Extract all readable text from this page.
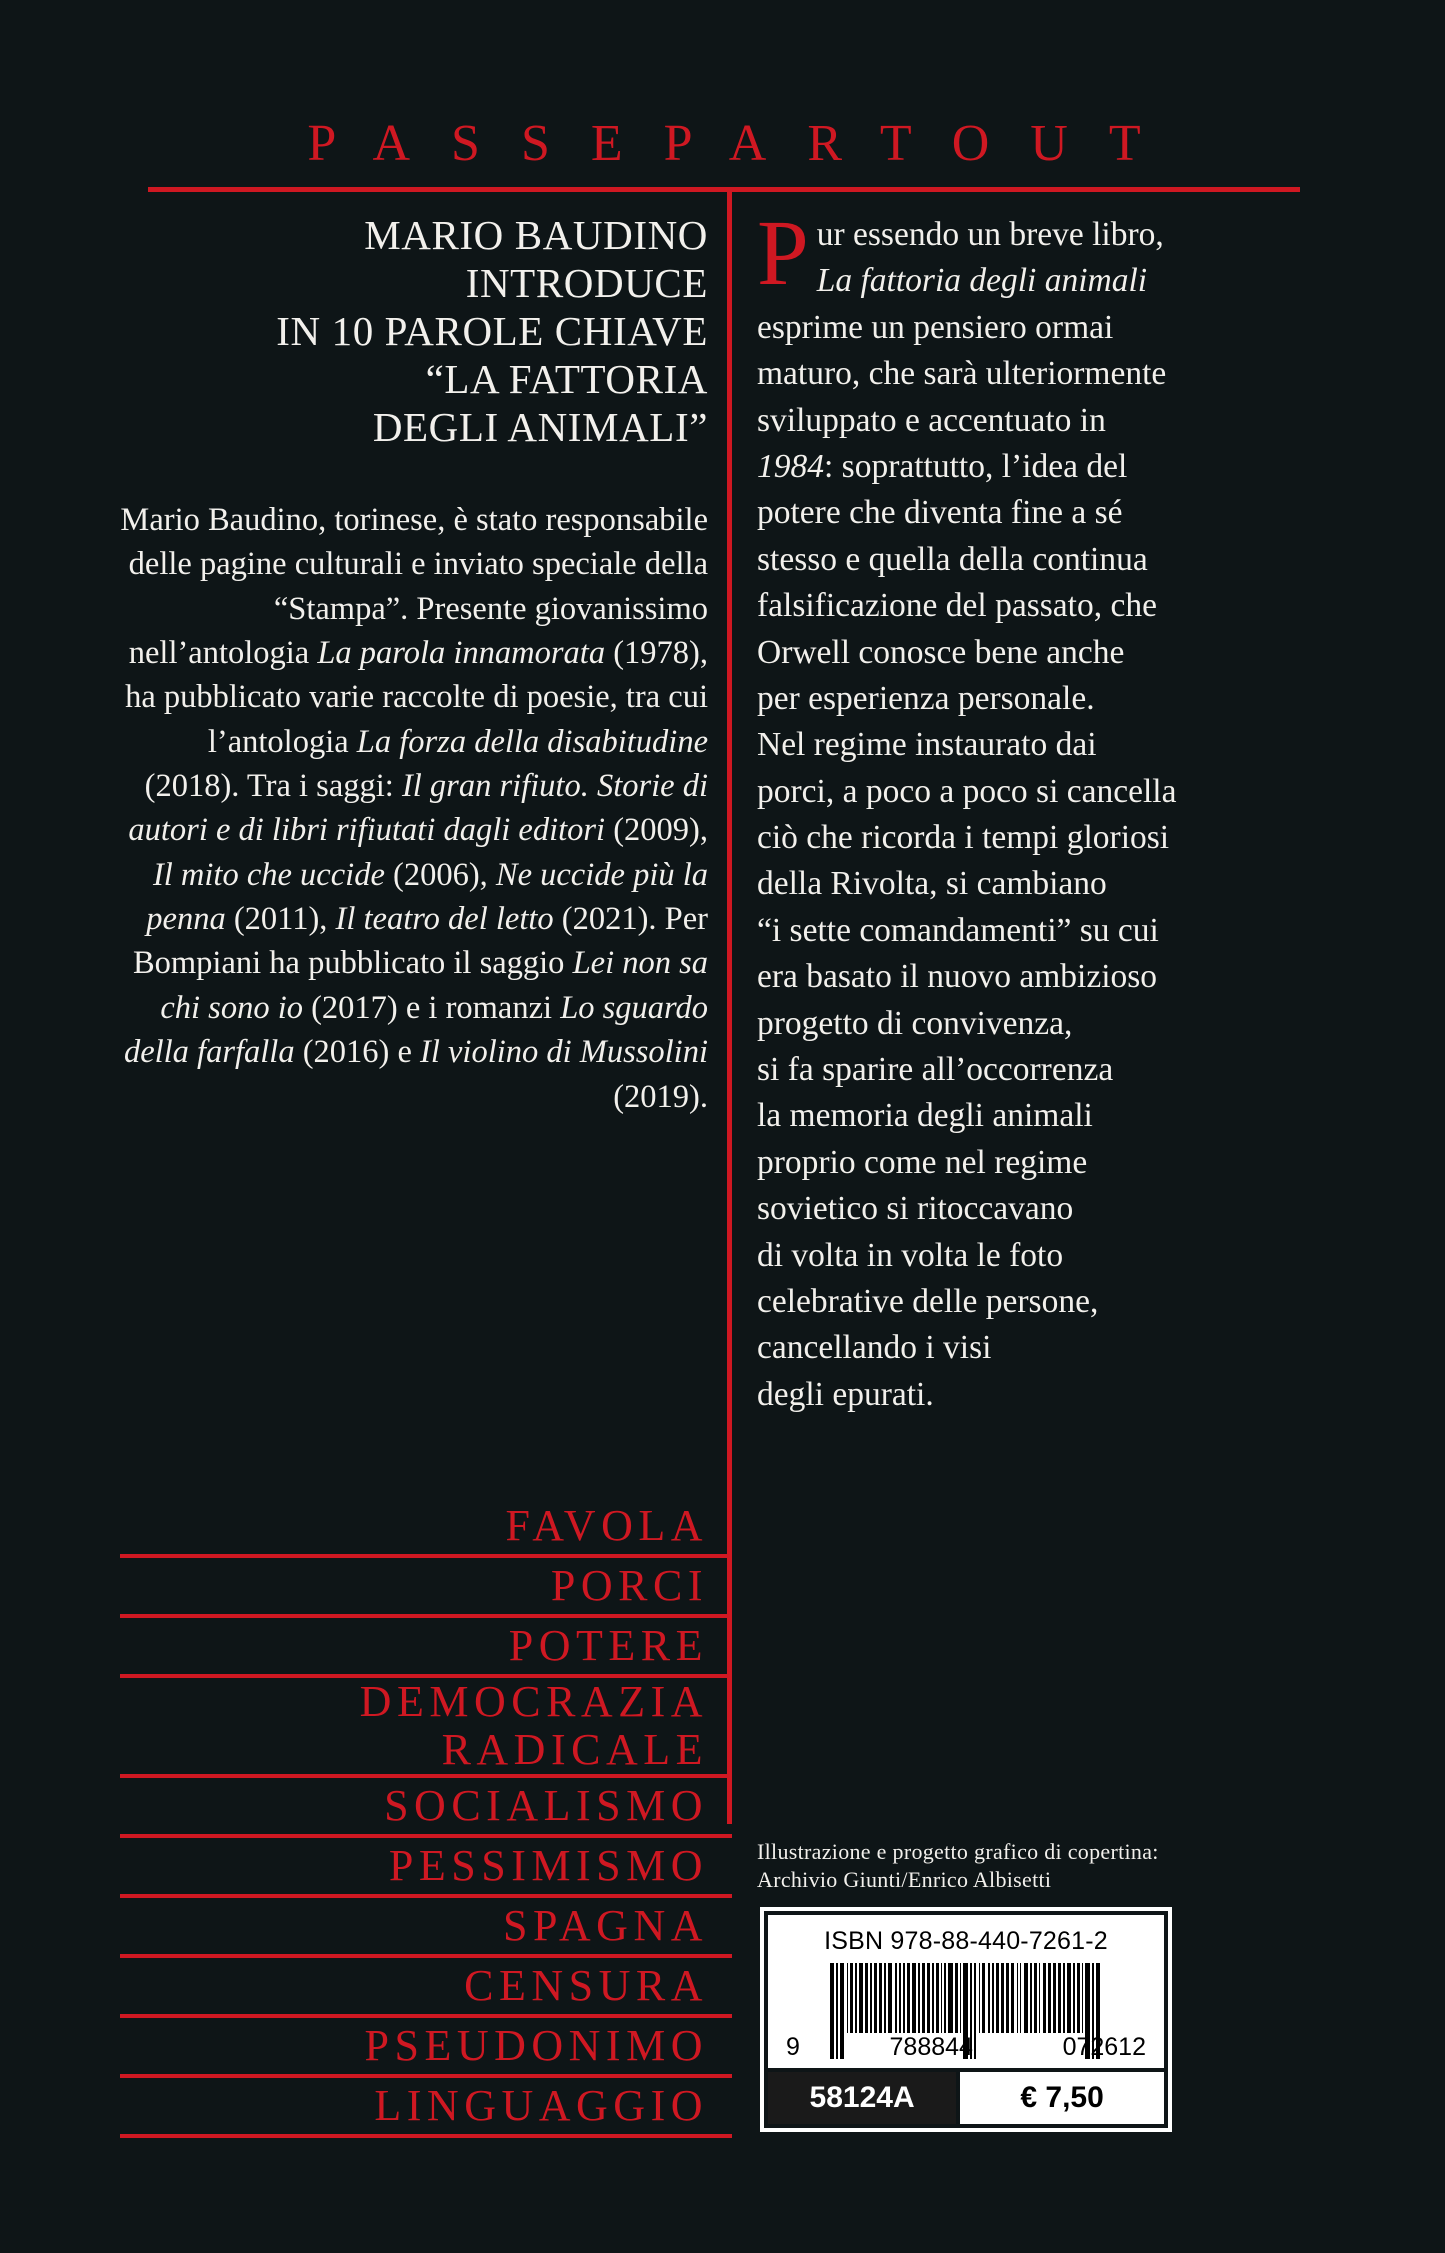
PASSEPARTOUT
MARIO BAUDINO
INTRODUCE
IN 10 PAROLE CHIAVE
“LA FATTORIA
DEGLI ANIMALI”
Mario Baudino, torinese, è stato responsabile delle pagine culturali e inviato speciale della “Stampa”. Presente giovanissimo nell’antologia La parola innamorata (1978), ha pubblicato varie raccolte di poesie, tra cui l’antologia La forza della disabitudine (2018). Tra i saggi: Il gran rifiuto. Storie di autori e di libri rifiutati dagli editori (2009), Il mito che uccide (2006), Ne uccide più la penna (2011), Il teatro del letto (2021). Per Bompiani ha pubblicato il saggio Lei non sa chi sono io (2017) e i romanzi Lo sguardo della farfalla (2016) e Il violino di Mussolini (2019).
FAVOLA
PORCI
POTERE
DEMOCRAZIA
RADICALE
SOCIALISMO
PESSIMISMO
SPAGNA
CENSURA
PSEUDONIMO
LINGUAGGIO

Pur essendo un breve libro,
La fattoria degli animali
esprime un pensiero ormai
maturo, che sarà ulteriormente
sviluppato e accentuato in
1984: soprattutto, l’idea del
potere che diventa fine a sé
stesso e quella della continua
falsificazione del passato, che
Orwell conosce bene anche
per esperienza personale.
Nel regime instaurato dai
porci, a poco a poco si cancella
ciò che ricorda i tempi gloriosi
della Rivolta, si cambiano
“i sette comandamenti” su cui
era basato il nuovo ambizioso
progetto di convivenza,
si fa sparire all’occorrenza
la memoria degli animali
proprio come nel regime
sovietico si ritoccavano
di volta in volta le foto
celebrative delle persone,
cancellando i visi
degli epurati.

Illustrazione e progetto grafico di copertina:
Archivio Giunti/Enrico Albisetti
ISBN 978-88-440-7261-2
9	788844	072612
58124A	€ 7,50
